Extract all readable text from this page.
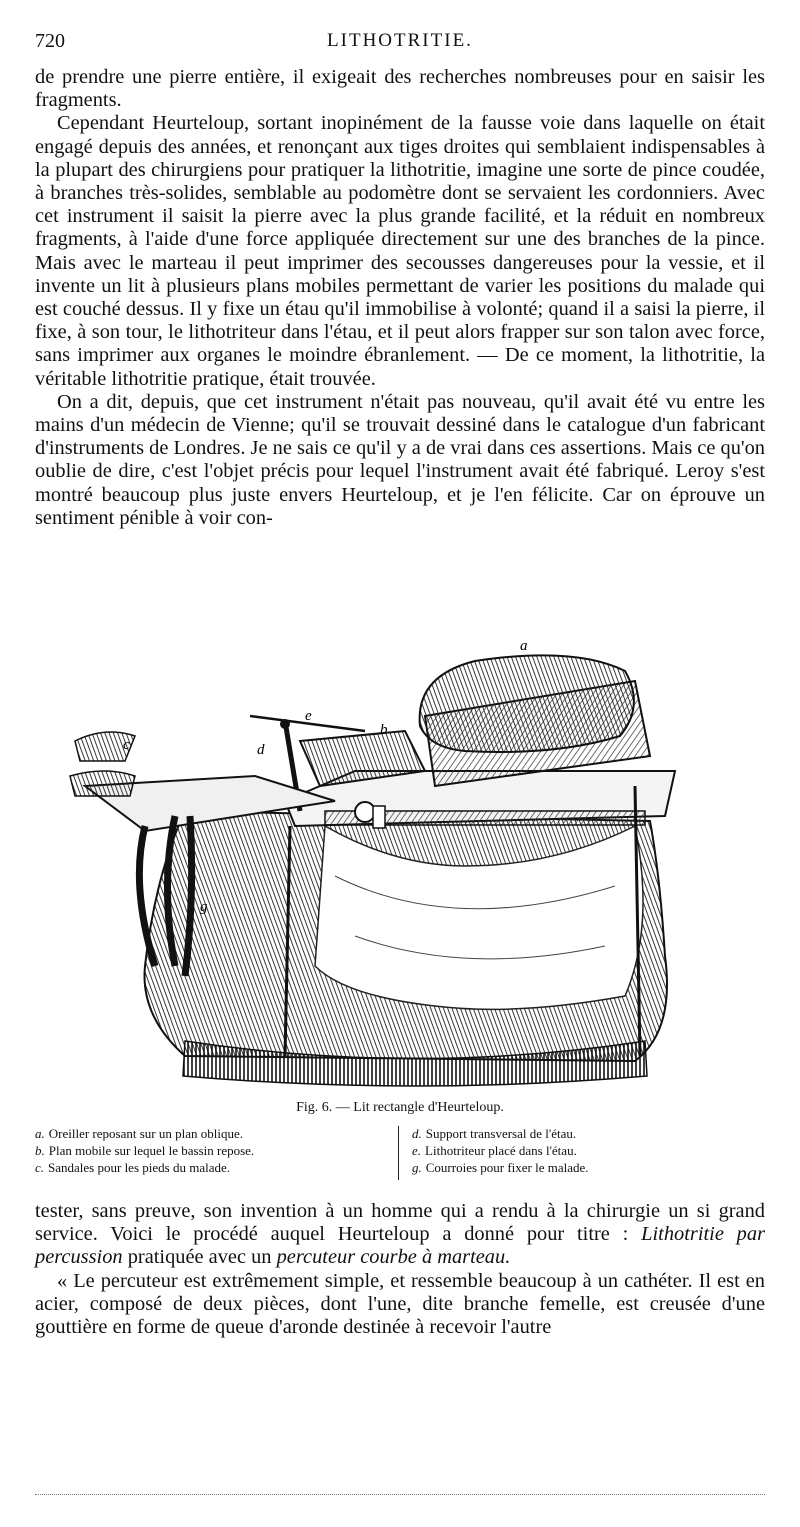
720	LITHOTRITIE.

de prendre une pierre entière, il exigeait des recherches nombreuses pour en saisir les fragments.

Cependant Heurteloup, sortant inopinément de la fausse voie dans laquelle on était engagé depuis des années, et renonçant aux tiges droites qui semblaient indispensables à la plupart des chirurgiens pour pratiquer la lithotritie, imagine une sorte de pince coudée, à branches très-solides, semblable au podomètre dont se servaient les cordonniers. Avec cet instrument il saisit la pierre avec la plus grande facilité, et la réduit en nombreux fragments, à l'aide d'une force appliquée directement sur une des branches de la pince. Mais avec le marteau il peut imprimer des secousses dangereuses pour la vessie, et il invente un lit à plusieurs plans mobiles permettant de varier les positions du malade qui est couché dessus. Il y fixe un étau qu'il immobilise à volonté; quand il a saisi la pierre, il fixe, à son tour, le lithotriteur dans l'étau, et il peut alors frapper sur son talon avec force, sans imprimer aux organes le moindre ébranlement. — De ce moment, la lithotritie, la véritable lithotritie pratique, était trouvée.

On a dit, depuis, que cet instrument n'était pas nouveau, qu'il avait été vu entre les mains d'un médecin de Vienne; qu'il se trouvait dessiné dans le catalogue d'un fabricant d'instruments de Londres. Je ne sais ce qu'il y a de vrai dans ces assertions. Mais ce qu'on oublie de dire, c'est l'objet précis pour lequel l'instrument avait été fabriqué. Leroy s'est montré beaucoup plus juste envers Heurteloup, et je l'en félicite. Car on éprouve un sentiment pénible à voir con-

a
b
c	d
e
g
Fig. 6. — Lit rectangle d'Heurteloup.
a. Oreiller reposant sur un plan oblique.
b. Plan mobile sur lequel le bassin repose.
c. Sandales pour les pieds du malade.
d. Support transversal de l'étau.
e. Lithotriteur placé dans l'étau.
g. Courroies pour fixer le malade.

tester, sans preuve, son invention à un homme qui a rendu à la chirurgie un si grand service. Voici le procédé auquel Heurteloup a donné pour titre : Lithotritie par percussion pratiquée avec un percuteur courbe à marteau.

« Le percuteur est extrêmement simple, et ressemble beaucoup à un cathéter. Il est en acier, composé de deux pièces, dont l'une, dite branche femelle, est creusée d'une gouttière en forme de queue d'aronde destinée à recevoir l'autre
